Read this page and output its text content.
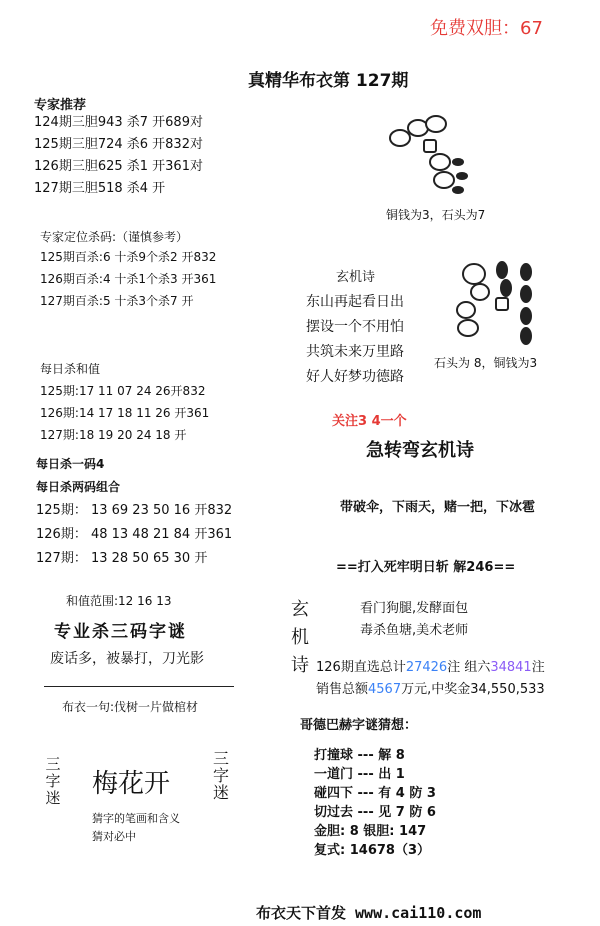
免费双胆：67
真精华布衣第 127期
专家推荐
124期三胆943 杀7 开689对
125期三胆724 杀6 开832对
126期三胆625 杀1 开361对
127期三胆518 杀4 开
专家定位杀码:（谨慎参考）
125期百杀:6 十杀9个杀2 开832
126期百杀:4 十杀1个杀3 开361
127期百杀:5 十杀3个杀7 开
每日杀和值
125期:17 11 07 24 26开832
126期:14 17 18 11 26 开361
127期:18 19 20 24 18 开
每日杀一码4
每日杀两码组合
125期： 13 69 23 50 16 开832
126期： 48 13 48 21 84 开361
127期： 13 28 50 65 30 开
和值范围:12 16 13
专业杀三码字谜
废话多，被暴打，刀光影
布衣一句:伐树一片做棺材
三字迷 梅花开
三字迷
猜字的笔画和含义
猜对必中
铜钱为3，石头为7
玄机诗
东山再起看日出
摆设一个不用怕
共筑未来万里路
好人好梦功德路
石头为 8，铜钱为3
关注3 4一个
急转弯玄机诗
带破伞，下雨天，赌一把，下冰雹
==打入死牢明日斩 解246==
玄机诗
看门狗腿,发酵面包
毒杀鱼塘,美术老师
126期直选总计27426注 组六34841注
销售总额4567万元,中奖金34,550,533
哥德巴赫字谜猜想：
打撞球 --- 解 8
一道门 --- 出 1
碰四下 --- 有 4 防 3
切过去 --- 见 7 防 6
金胆: 8 银胆: 147
复式: 14678（3）
布衣天下首发 www.cai110.com
